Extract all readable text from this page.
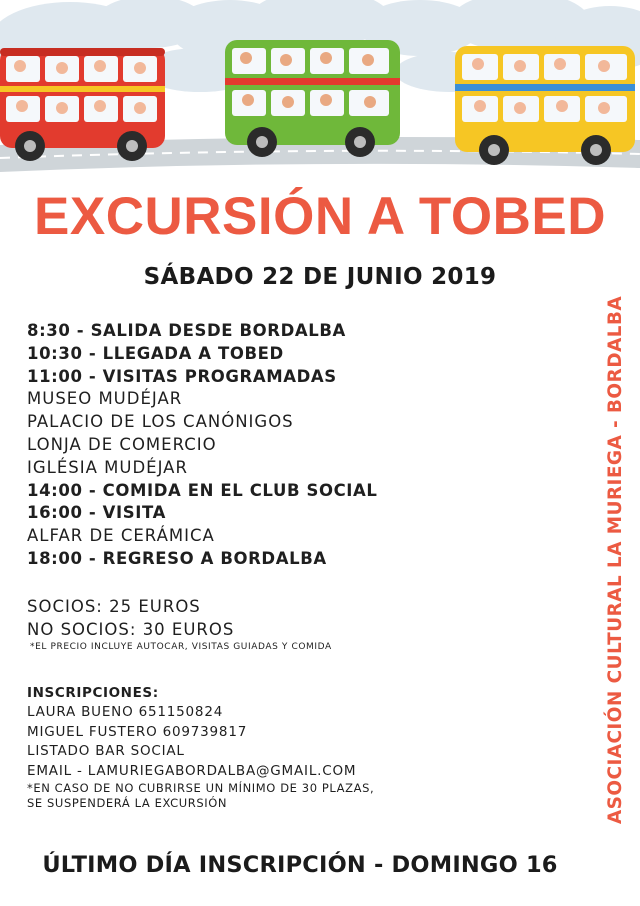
EXCURSIÓN A TOBED
SÁBADO 22 DE JUNIO 2019
8:30 - SALIDA DESDE BORDALBA
10:30 - LLEGADA A TOBED
11:00 - VISITAS PROGRAMADAS
MUSEO MUDÉJAR
PALACIO DE LOS CANÓNIGOS
LONJA DE COMERCIO
IGLÉSIA MUDÉJAR
14:00 - COMIDA EN EL CLUB SOCIAL
16:00 - VISITA
ALFAR DE CERÁMICA
18:00 - REGRESO A BORDALBA
SOCIOS: 25 EUROS
NO SOCIOS: 30 EUROS
*EL PRECIO INCLUYE AUTOCAR, VISITAS GUIADAS Y COMIDA
INSCRIPCIONES:
LAURA BUENO 651150824
MIGUEL FUSTERO 609739817
LISTADO BAR SOCIAL
EMAIL - LAMURIEGABORDALBA@GMAIL.COM
*EN CASO DE NO CUBRIRSE UN MÍNIMO DE 30 PLAZAS,
SE SUSPENDERÁ LA EXCURSIÓN
ÚLTIMO DÍA INSCRIPCIÓN - DOMINGO 16
ASOCIACIÓN CULTURAL LA MURIEGA - BORDALBA
